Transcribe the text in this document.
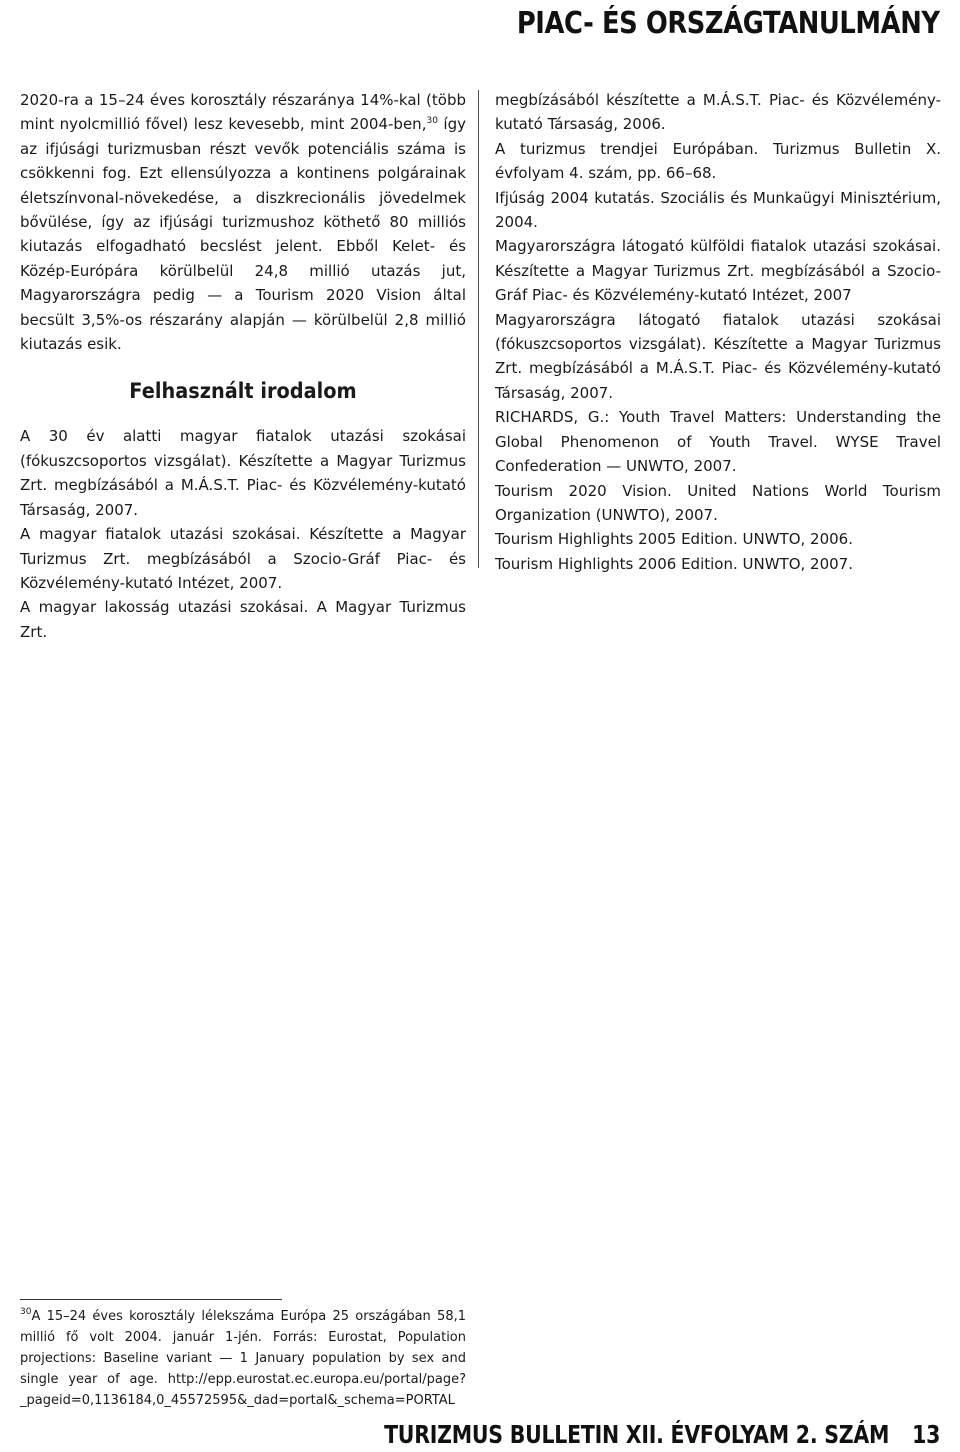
PIAC- ÉS ORSZÁGTANULMÁNY

2020-ra a 15–24 éves korosztály részaránya 14%-kal (több mint nyolcmillió fővel) lesz kevesebb, mint 2004-ben,$^{30}$ így az ifjúsági turizmusban részt vevők potenciális száma is csökkenni fog. Ezt ellensúlyozza a kontinens polgárainak életszínvonal-növekedése, a diszkrecionális jövedelmek bővülése, így az ifjúsági turizmushoz köthető 80 milliós kiutazás elfogadható becslést jelent. Ebből Kelet- és Közép-Európára körülbelül 24,8 millió utazás jut, Magyarországra pedig — a Tourism 2020 Vision által becsült 3,5%-os részarány alapján — körülbelül 2,8 millió kiutazás esik.

Felhasznált irodalom

A 30 év alatti magyar fiatalok utazási szokásai (fókuszcsoportos vizsgálat). Készítette a Magyar Turizmus Zrt. megbízásából a M.Á.S.T. Piac- és Közvélemény-kutató Társaság, 2007.

A magyar fiatalok utazási szokásai. Készítette a Magyar Turizmus Zrt. megbízásából a Szocio-Gráf Piac- és Közvélemény-kutató Intézet, 2007.

A magyar lakosság utazási szokásai. A Magyar Turizmus Zrt.

megbízásából készítette a M.Á.S.T. Piac- és Közvélemény-kutató Társaság, 2006.

A turizmus trendjei Európában. Turizmus Bulletin X. évfolyam 4. szám, pp. 66–68.

Ifjúság 2004 kutatás. Szociális és Munkaügyi Minisztérium, 2004.

Magyarországra látogató külföldi fiatalok utazási szokásai. Készítette a Magyar Turizmus Zrt. megbízásából a Szocio-Gráf Piac- és Közvélemény-kutató Intézet, 2007

Magyarországra látogató fiatalok utazási szokásai (fókuszcsoportos vizsgálat). Készítette a Magyar Turizmus Zrt. megbízásából a M.Á.S.T. Piac- és Közvélemény-kutató Társaság, 2007.

RICHARDS, G.: Youth Travel Matters: Understanding the Global Phenomenon of Youth Travel. WYSE Travel Confederation — UNWTO, 2007.

Tourism 2020 Vision. United Nations World Tourism Organization (UNWTO), 2007.

Tourism Highlights 2005 Edition. UNWTO, 2006.

Tourism Highlights 2006 Edition. UNWTO, 2007.

$^{30}$A 15–24 éves korosztály lélekszáma Európa 25 országában 58,1 millió fő volt 2004. január 1-jén. Forrás: Eurostat, Population projections: Baseline variant — 1 January population by sex and single year of age. http://epp.eurostat.ec.europa.eu/portal/page?_pageid=0,1136184,0_45572595&_dad=portal&_schema=PORTAL
TURIZMUS BULLETIN XII. ÉVFOLYAM 2. SZÁM 13
